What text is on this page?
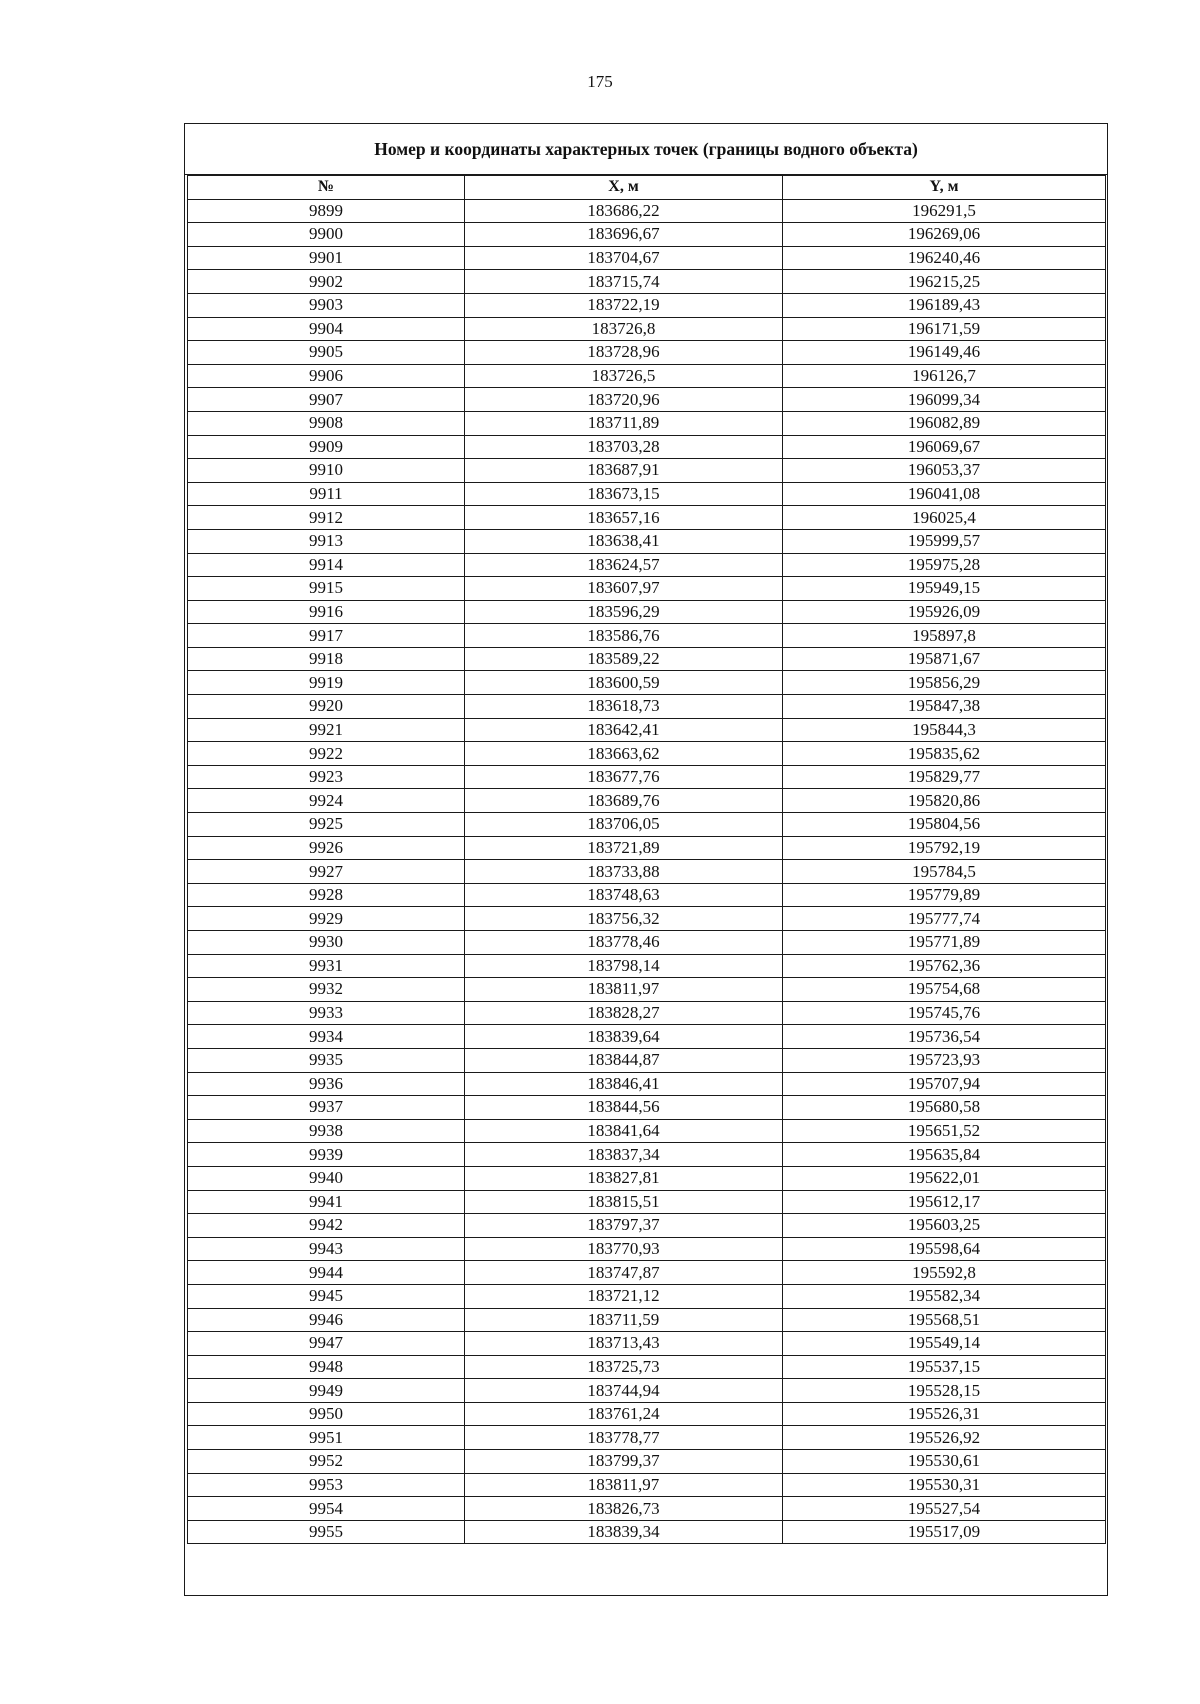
175
Номер и координаты характерных точек (границы водного объекта)
№	X, м	Y, м
9899	183686,22	196291,5
9900	183696,67	196269,06
9901	183704,67	196240,46
9902	183715,74	196215,25
9903	183722,19	196189,43
9904	183726,8	196171,59
9905	183728,96	196149,46
9906	183726,5	196126,7
9907	183720,96	196099,34
9908	183711,89	196082,89
9909	183703,28	196069,67
9910	183687,91	196053,37
9911	183673,15	196041,08
9912	183657,16	196025,4
9913	183638,41	195999,57
9914	183624,57	195975,28
9915	183607,97	195949,15
9916	183596,29	195926,09
9917	183586,76	195897,8
9918	183589,22	195871,67
9919	183600,59	195856,29
9920	183618,73	195847,38
9921	183642,41	195844,3
9922	183663,62	195835,62
9923	183677,76	195829,77
9924	183689,76	195820,86
9925	183706,05	195804,56
9926	183721,89	195792,19
9927	183733,88	195784,5
9928	183748,63	195779,89
9929	183756,32	195777,74
9930	183778,46	195771,89
9931	183798,14	195762,36
9932	183811,97	195754,68
9933	183828,27	195745,76
9934	183839,64	195736,54
9935	183844,87	195723,93
9936	183846,41	195707,94
9937	183844,56	195680,58
9938	183841,64	195651,52
9939	183837,34	195635,84
9940	183827,81	195622,01
9941	183815,51	195612,17
9942	183797,37	195603,25
9943	183770,93	195598,64
9944	183747,87	195592,8
9945	183721,12	195582,34
9946	183711,59	195568,51
9947	183713,43	195549,14
9948	183725,73	195537,15
9949	183744,94	195528,15
9950	183761,24	195526,31
9951	183778,77	195526,92
9952	183799,37	195530,61
9953	183811,97	195530,31
9954	183826,73	195527,54
9955	183839,34	195517,09
